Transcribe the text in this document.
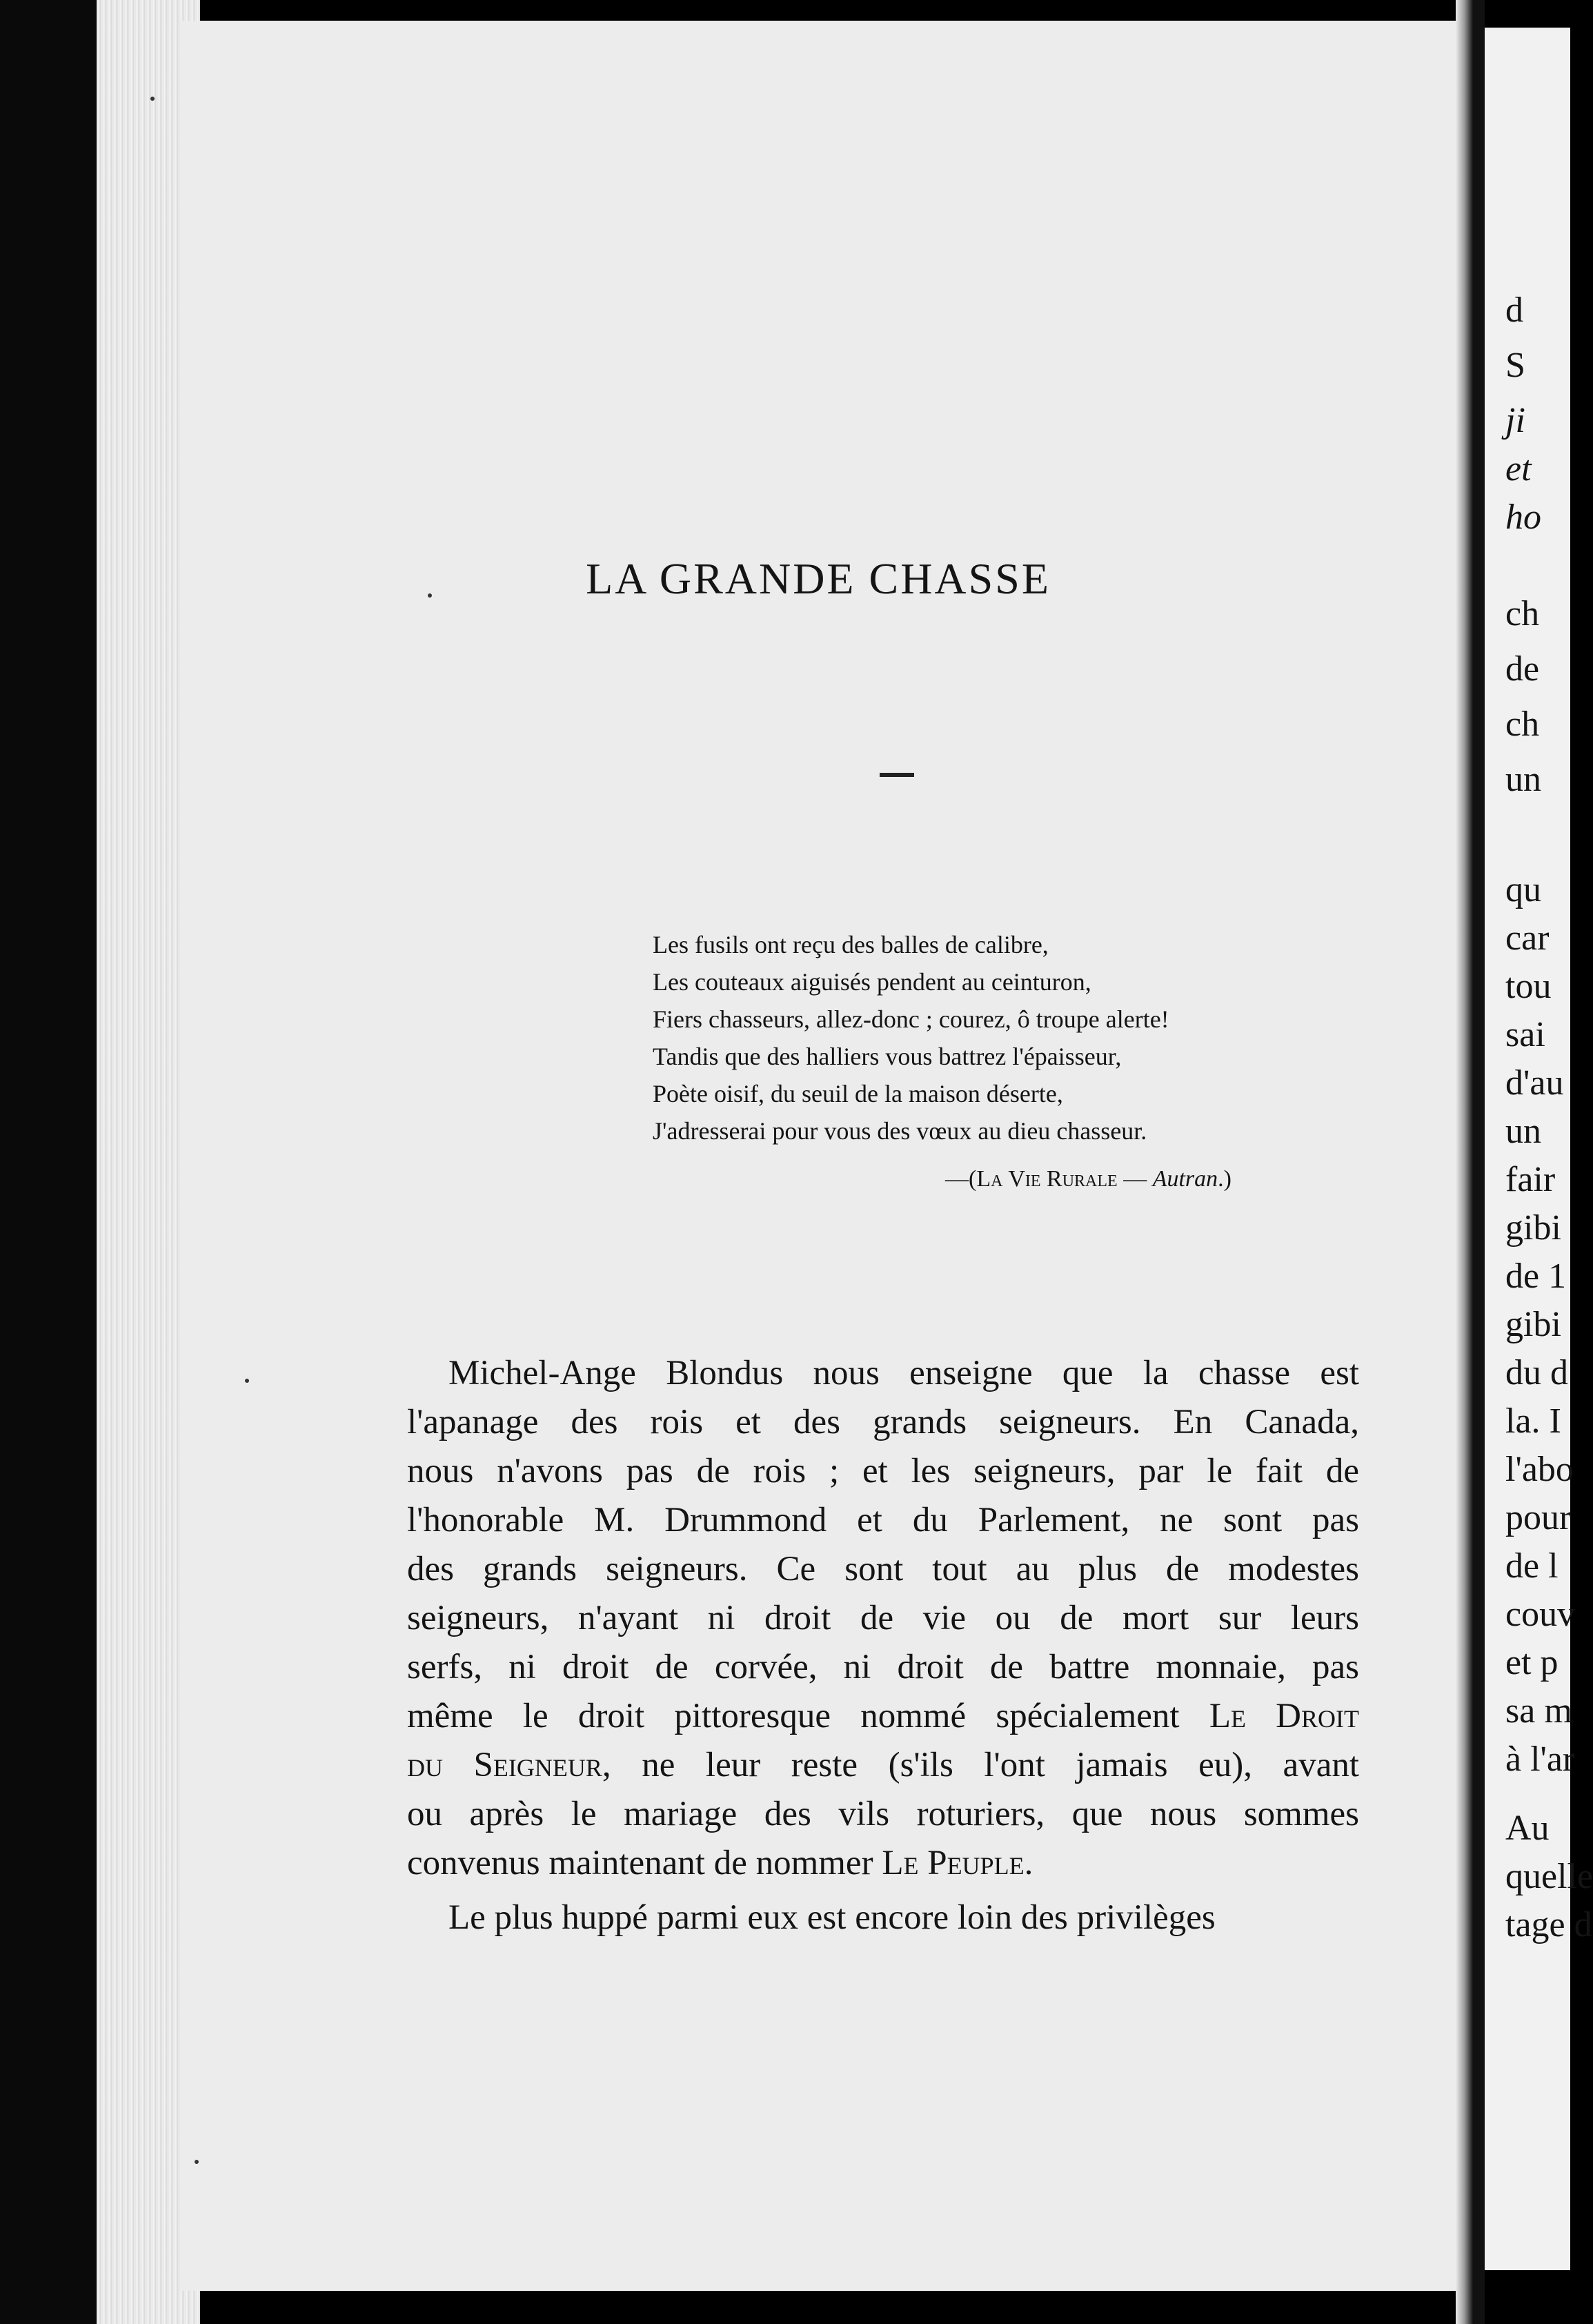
d
S
ji
et
ho
ch
de
ch
un
qu
car
tou
sai
d'au
un
fair
gibi
de 1
gibi
du d
la. I
l'abo
pour
de l
couv
et p
sa m
à l'ar
Au
quelle
tage d
LA GRANDE CHASSE
Les fusils ont reçu des balles de calibre,
Les couteaux aiguisés pendent au ceinturon,
Fiers chasseurs, allez-donc ; courez, ô troupe alerte!
Tandis que des halliers vous battrez l'épaisseur,
Poète oisif, du seuil de la maison déserte,
J'adresserai pour vous des vœux au dieu chasseur.
—(La Vie Rurale — Autran.)
Michel-Ange Blondus nous enseigne que la chasse est
l'apanage des rois et des grands seigneurs. En Canada,
nous n'avons pas de rois ; et les seigneurs, par le fait de
l'honorable M. Drummond et du Parlement, ne sont pas
des grands seigneurs. Ce sont tout au plus de modestes
seigneurs, n'ayant ni droit de vie ou de mort sur leurs
serfs, ni droit de corvée, ni droit de battre monnaie, pas
même le droit pittoresque nommé spécialement Le Droit
du Seigneur, ne leur reste (s'ils l'ont jamais eu), avant
ou après le mariage des vils roturiers, que nous sommes
convenus maintenant de nommer Le Peuple.
Le plus huppé parmi eux est encore loin des privilèges
